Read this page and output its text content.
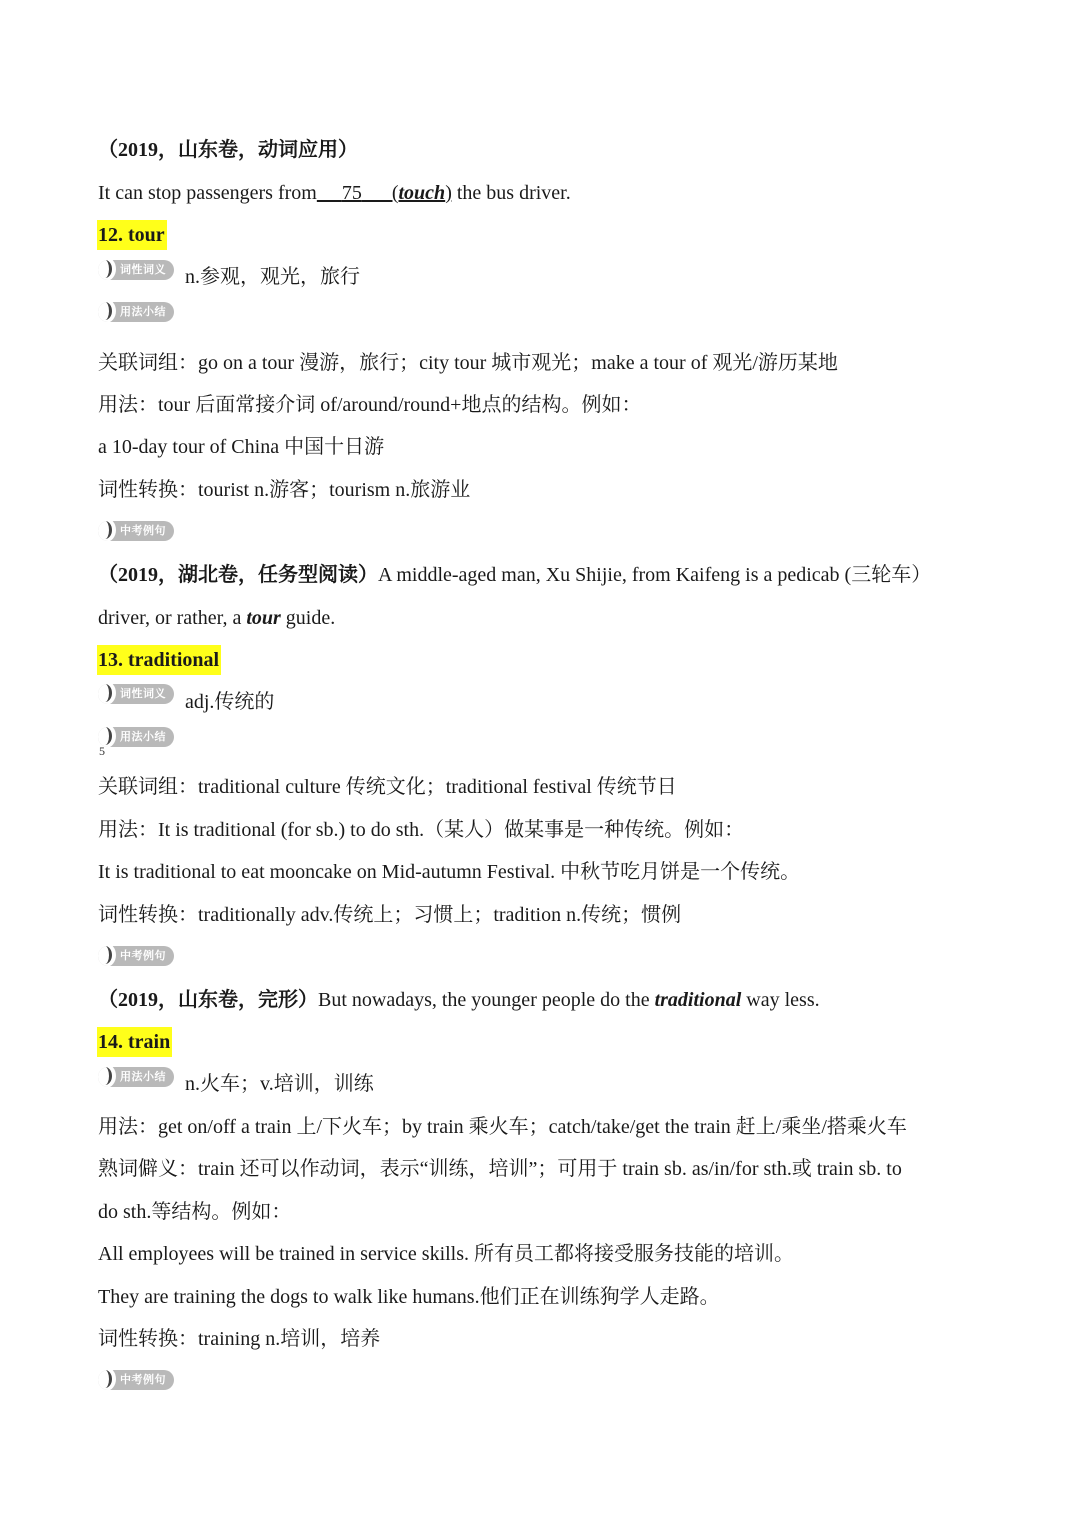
（2019，山东卷，动词应用）
It can stop passengers from 75      (touch) the bus driver.
12. tour
词性词义 n.参观，观光，旅行
用法小结
关联词组：go on a tour 漫游，旅行；city tour 城市观光；make a tour of 观光/游历某地
用法：tour 后面常接介词 of/around/round+地点的结构。例如：
a 10-day tour of China 中国十日游
词性转换：tourist n.游客；tourism n.旅游业
中考例句
（2019，湖北卷，任务型阅读）A middle-aged man, Xu Shijie, from Kaifeng is a pedicab (三轮车）
driver, or rather, a tour guide.
13. traditional
词性词义 adj.传统的
用法小结
5
关联词组：traditional culture 传统文化；traditional festival 传统节日
用法：It is traditional (for sb.) to do sth.（某人）做某事是一种传统。例如：
It is traditional to eat mooncake on Mid-autumn Festival. 中秋节吃月饼是一个传统。
词性转换：traditionally adv.传统上；习惯上；tradition n.传统；惯例
中考例句
（2019，山东卷，完形）But nowadays, the younger people do the traditional way less.
14. train
用法小结 n.火车；v.培训，训练
用法：get on/off a train 上/下火车；by train 乘火车；catch/take/get the train 赶上/乘坐/搭乘火车
熟词僻义：train 还可以作动词，表示“训练，培训”；可用于 train sb. as/in/for sth.或 train sb. to
do sth.等结构。例如：
All employees will be trained in service skills. 所有员工都将接受服务技能的培训。
They are training the dogs to walk like humans.他们正在训练狗学人走路。
词性转换：training n.培训，培养
中考例句
